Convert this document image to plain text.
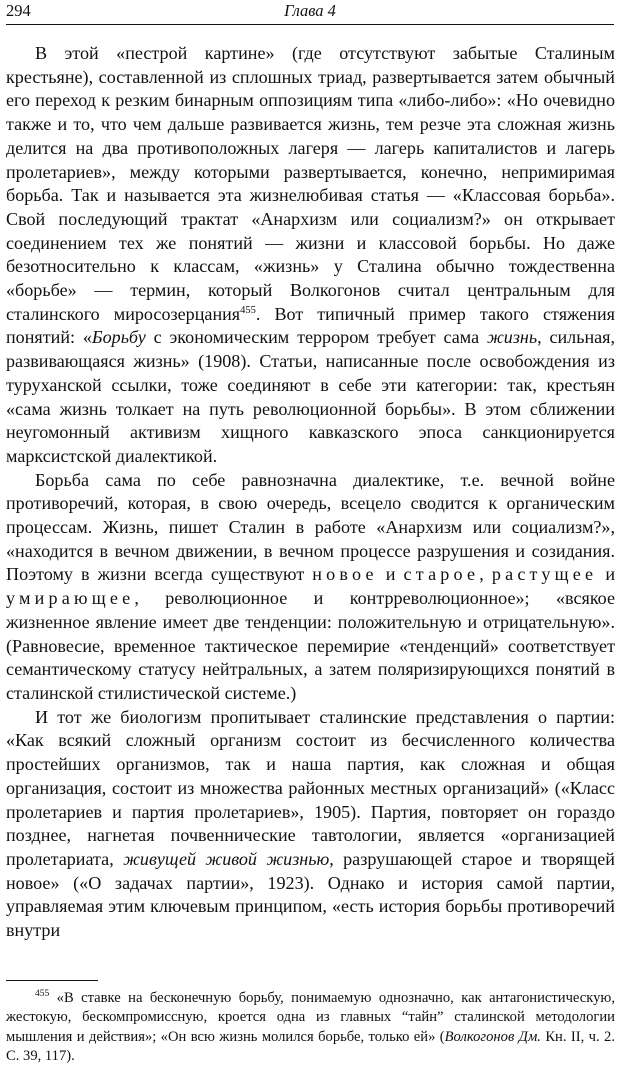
294	Глава 4

В этой «пестрой картине» (где отсутствуют забытые Сталиным крестьяне), составленной из сплошных триад, развертывается затем обычный его переход к резким бинарным оппозициям типа «либо-либо»: «Но очевидно также и то, что чем дальше развивается жизнь, тем резче эта сложная жизнь делится на два противоположных лагеря — лагерь капиталистов и лагерь пролетариев», между которыми развертывается, конечно, непримиримая борьба. Так и называется эта жизнелюбивая статья — «Классовая борьба». Свой последующий трактат «Анархизм или социализм?» он открывает соединением тех же понятий — жизни и классовой борьбы. Но даже безотносительно к классам, «жизнь» у Сталина обычно тождественна «борьбе» — термин, который Волкогонов считал центральным для сталинского миросозерцания$^{455}$. Вот типичный пример такого стяжения понятий: «Борьбу с экономическим террором требует сама жизнь, сильная, развивающаяся жизнь» (1908). Статьи, написанные после освобождения из туруханской ссылки, тоже соединяют в себе эти категории: так, крестьян «сама жизнь толкает на путь революционной борьбы». В этом сближении неугомонный активизм хищного кавказского эпоса санкционируется марксистской диалектикой.

Борьба сама по себе равнозначна диалектике, т.е. вечной войне противоречий, которая, в свою очередь, всецело сводится к органическим процессам. Жизнь, пишет Сталин в работе «Анархизм или социализм?», «находится в вечном движении, в вечном процессе разрушения и созидания. Поэтому в жизни всегда существуют новое и старое, растущее и умирающее, революционное и контрреволюционное»; «всякое жизненное явление имеет две тенденции: положительную и отрицательную». (Равновесие, временное тактическое перемирие «тенденций» соответствует семантическому статусу нейтральных, а затем поляризирующихся понятий в сталинской стилистической системе.)

И тот же биологизм пропитывает сталинские представления о партии: «Как всякий сложный организм состоит из бесчисленного количества простейших организмов, так и наша партия, как сложная и общая организация, состоит из множества районных местных организаций» («Класс пролетариев и партия пролетариев», 1905). Партия, повторяет он гораздо позднее, нагнетая почвеннические тавтологии, является «организацией пролетариата, живущей живой жизнью, разрушающей старое и творящей новое» («О задачах партии», 1923). Однако и история самой партии, управляемая этим ключевым принципом, «есть история борьбы противоречий внутри

$^{455}$ «В ставке на бесконечную борьбу, понимаемую однозначно, как антагонистическую, жестокую, бескомпромиссную, кроется одна из главных “тайн” сталинской методологии мышления и действия»; «Он всю жизнь молился борьбе, только ей» (Волкогонов Дм. Кн. II, ч. 2. С. 39, 117).
